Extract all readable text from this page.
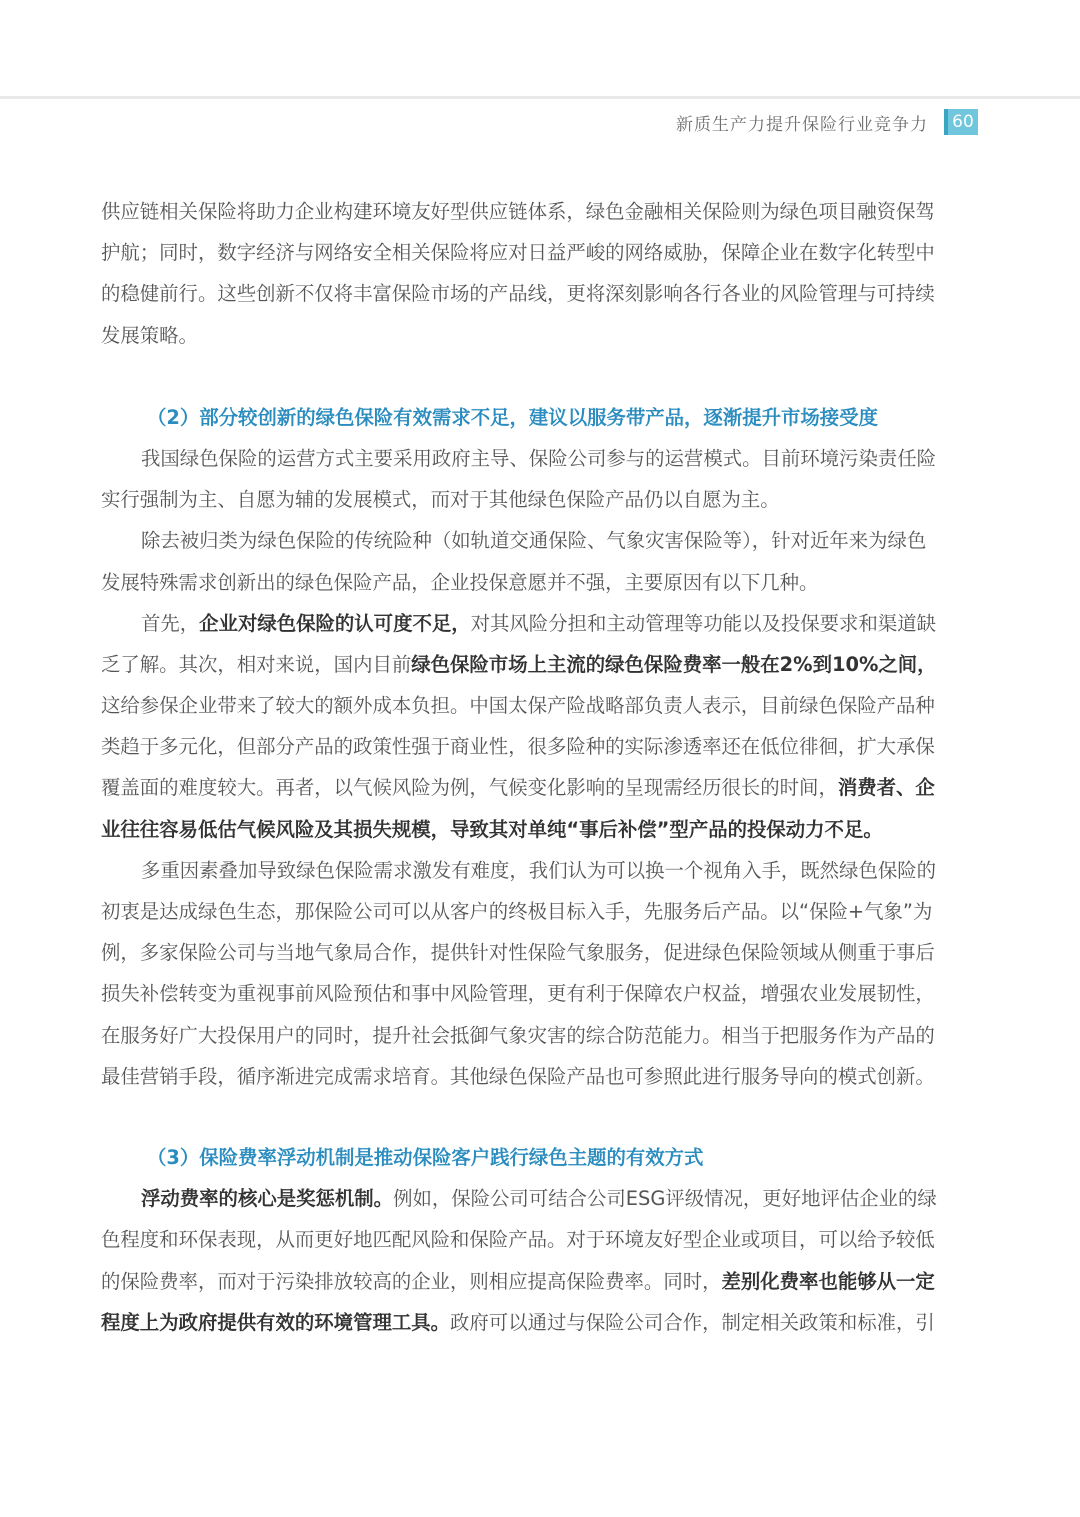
新质生产力提升保险行业竞争力	60
供应链相关保险将助力企业构建环境友好型供应链体系，绿色金融相关保险则为绿色项目融资保驾
护航；同时，数字经济与网络安全相关保险将应对日益严峻的网络威胁，保障企业在数字化转型中
的稳健前行。这些创新不仅将丰富保险市场的产品线，更将深刻影响各行各业的风险管理与可持续
发展策略。
（2）部分较创新的绿色保险有效需求不足，建议以服务带产品，逐渐提升市场接受度
我国绿色保险的运营方式主要采用政府主导、保险公司参与的运营模式。目前环境污染责任险
实行强制为主、自愿为辅的发展模式，而对于其他绿色保险产品仍以自愿为主。
除去被归类为绿色保险的传统险种（如轨道交通保险、气象灾害保险等），针对近年来为绿色
发展特殊需求创新出的绿色保险产品，企业投保意愿并不强，主要原因有以下几种。
首先，企业对绿色保险的认可度不足，对其风险分担和主动管理等功能以及投保要求和渠道缺
乏了解。其次，相对来说，国内目前绿色保险市场上主流的绿色保险费率一般在2%到10%之间，
这给参保企业带来了较大的额外成本负担。中国太保产险战略部负责人表示，目前绿色保险产品种
类趋于多元化，但部分产品的政策性强于商业性，很多险种的实际渗透率还在低位徘徊，扩大承保
覆盖面的难度较大。再者，以气候风险为例，气候变化影响的呈现需经历很长的时间，消费者、企
业往往容易低估气候风险及其损失规模，导致其对单纯“事后补偿”型产品的投保动力不足。
多重因素叠加导致绿色保险需求激发有难度，我们认为可以换一个视角入手，既然绿色保险的
初衷是达成绿色生态，那保险公司可以从客户的终极目标入手，先服务后产品。以“保险+气象”为
例，多家保险公司与当地气象局合作，提供针对性保险气象服务，促进绿色保险领域从侧重于事后
损失补偿转变为重视事前风险预估和事中风险管理，更有利于保障农户权益，增强农业发展韧性，
在服务好广大投保用户的同时，提升社会抵御气象灾害的综合防范能力。相当于把服务作为产品的
最佳营销手段，循序渐进完成需求培育。其他绿色保险产品也可参照此进行服务导向的模式创新。
（3）保险费率浮动机制是推动保险客户践行绿色主题的有效方式
浮动费率的核心是奖惩机制。例如，保险公司可结合公司ESG评级情况，更好地评估企业的绿
色程度和环保表现，从而更好地匹配风险和保险产品。对于环境友好型企业或项目，可以给予较低
的保险费率，而对于污染排放较高的企业，则相应提高保险费率。同时，差别化费率也能够从一定
程度上为政府提供有效的环境管理工具。政府可以通过与保险公司合作，制定相关政策和标准，引
